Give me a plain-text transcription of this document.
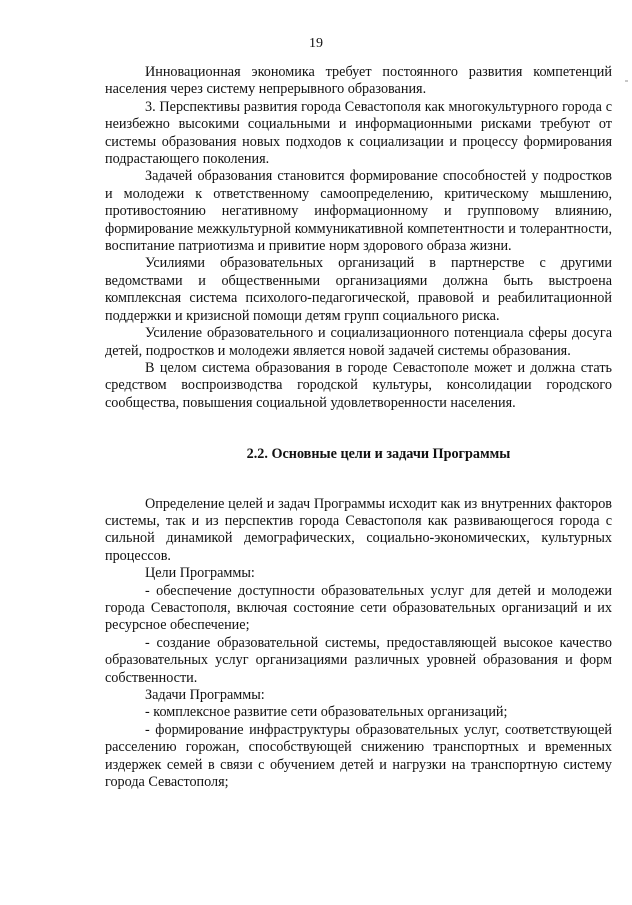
19

Инновационная экономика требует постоянного развития компетенций населения через систему непрерывного образования.

3. Перспективы развития города Севастополя как многокультурного города с неизбежно высокими социальными и информационными рисками требуют от системы образования новых подходов к социализации и процессу формирования подрастающего поколения.

Задачей образования становится формирование способностей у подростков и молодежи к ответственному самоопределению, критическому мышлению, противостоянию негативному информационному и групповому влиянию, формирование межкультурной коммуникативной компетентности и толерантности, воспитание патриотизма и привитие норм здорового образа жизни.

Усилиями образовательных организаций в партнерстве с другими ведомствами и общественными организациями должна быть выстроена комплексная система психолого-педагогической, правовой и реабилитационной поддержки и кризисной помощи детям групп социального риска.

Усиление образовательного и социализационного потенциала сферы досуга детей, подростков и молодежи является новой задачей системы образования.

В целом система образования в городе Севастополе может и должна стать средством воспроизводства городской культуры, консолидации городского сообщества, повышения социальной удовлетворенности населения.

2.2. Основные цели и задачи Программы

Определение целей и задач Программы исходит как из внутренних факторов системы, так и из перспектив города Севастополя как развивающегося города с сильной динамикой демографических, социально-экономических, культурных процессов.

Цели Программы:

- обеспечение доступности образовательных услуг для детей и молодежи города Севастополя, включая состояние сети образовательных организаций и их ресурсное обеспечение;

- создание образовательной системы, предоставляющей высокое качество образовательных услуг организациями различных уровней образования и форм собственности.

Задачи Программы:

- комплексное развитие сети образовательных организаций;

- формирование инфраструктуры образовательных услуг, соответствующей расселению горожан, способствующей снижению транспортных и временных издержек семей в связи с обучением детей и нагрузки на транспортную систему города Севастополя;
